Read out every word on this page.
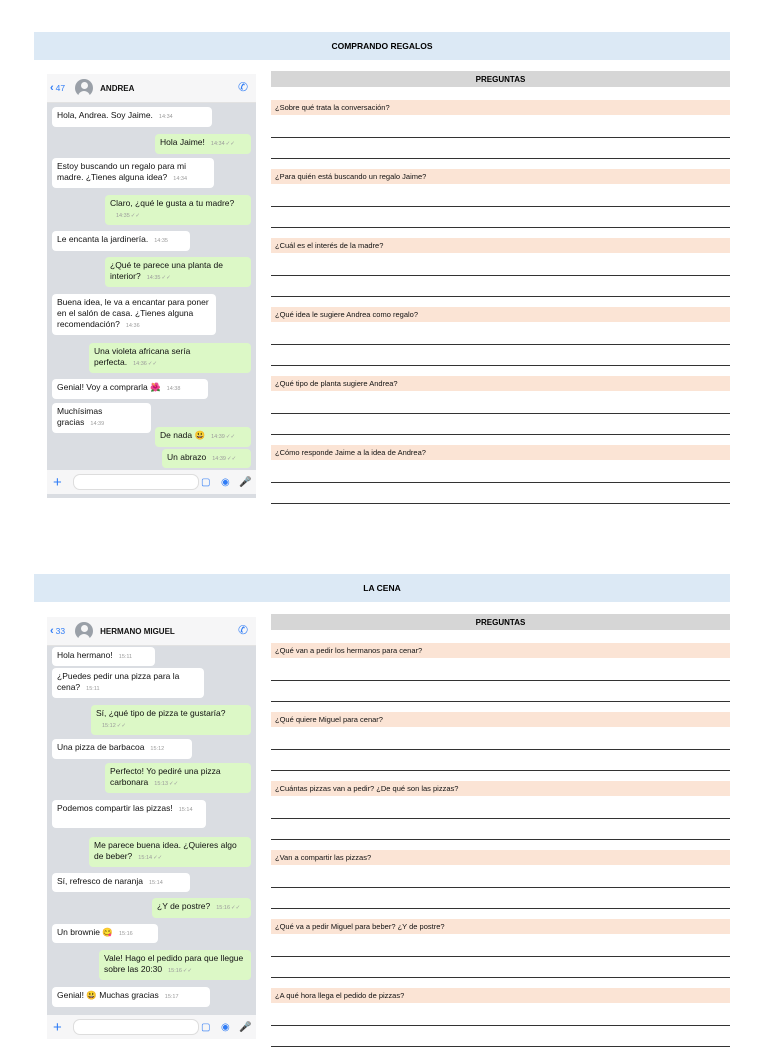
COMPRANDO REGALOS
‹ 47	ANDREA	✆
Hola, Andrea. Soy Jaime. 14:34
Hola Jaime! 14:34✓✓
Estoy buscando un regalo para mi madre. ¿Tienes alguna idea? 14:34
Claro, ¿qué le gusta a tu madre?14:35✓✓
Le encanta la jardinería. 14:35
¿Qué te parece una planta de interior? 14:35✓✓
Buena idea, le va a encantar para poner en el salón de casa. ¿Tienes alguna recomendación? 14:36
Una violeta africana sería perfecta. 14:36✓✓
Genial! Voy a comprarla 🌺 14:38
Muchísimas gracias 14:39
De nada 😃 14:39✓✓
Un abrazo 14:39✓✓
+	▢ ◉ 🎤
PREGUNTAS
¿Sobre qué trata la conversación?
¿Para quién está buscando un regalo Jaime?
¿Cuál es el interés de la madre?
¿Qué idea le sugiere Andrea como regalo?
¿Qué tipo de planta sugiere Andrea?
¿Cómo responde Jaime a la idea de Andrea?
LA CENA
‹ 33	HERMANO MIGUEL	✆
Hola hermano! 15:11
¿Puedes pedir una pizza para la cena? 15:11
Sí, ¿qué tipo de pizza te gustaría?15:12✓✓
Una pizza de barbacoa 15:12
Perfecto! Yo pediré una pizza carbonara 15:13✓✓
Podemos compartir las pizzas! 15:14
Me parece buena idea. ¿Quieres algo de beber? 15:14✓✓
Sí, refresco de naranja 15:14
¿Y de postre? 15:16✓✓
Un brownie 😋 15:16
Vale! Hago el pedido para que llegue sobre las 20:30 15:16✓✓
Genial! 😃 Muchas gracias 15:17
+	▢ ◉ 🎤
PREGUNTAS
¿Qué van a pedir los hermanos para cenar?
¿Qué quiere Miguel para cenar?
¿Cuántas pizzas van a pedir? ¿De qué son las pizzas?
¿Van a compartir las pizzas?
¿Qué va a pedir Miguel para beber? ¿Y de postre?
¿A qué hora llega el pedido de pizzas?
